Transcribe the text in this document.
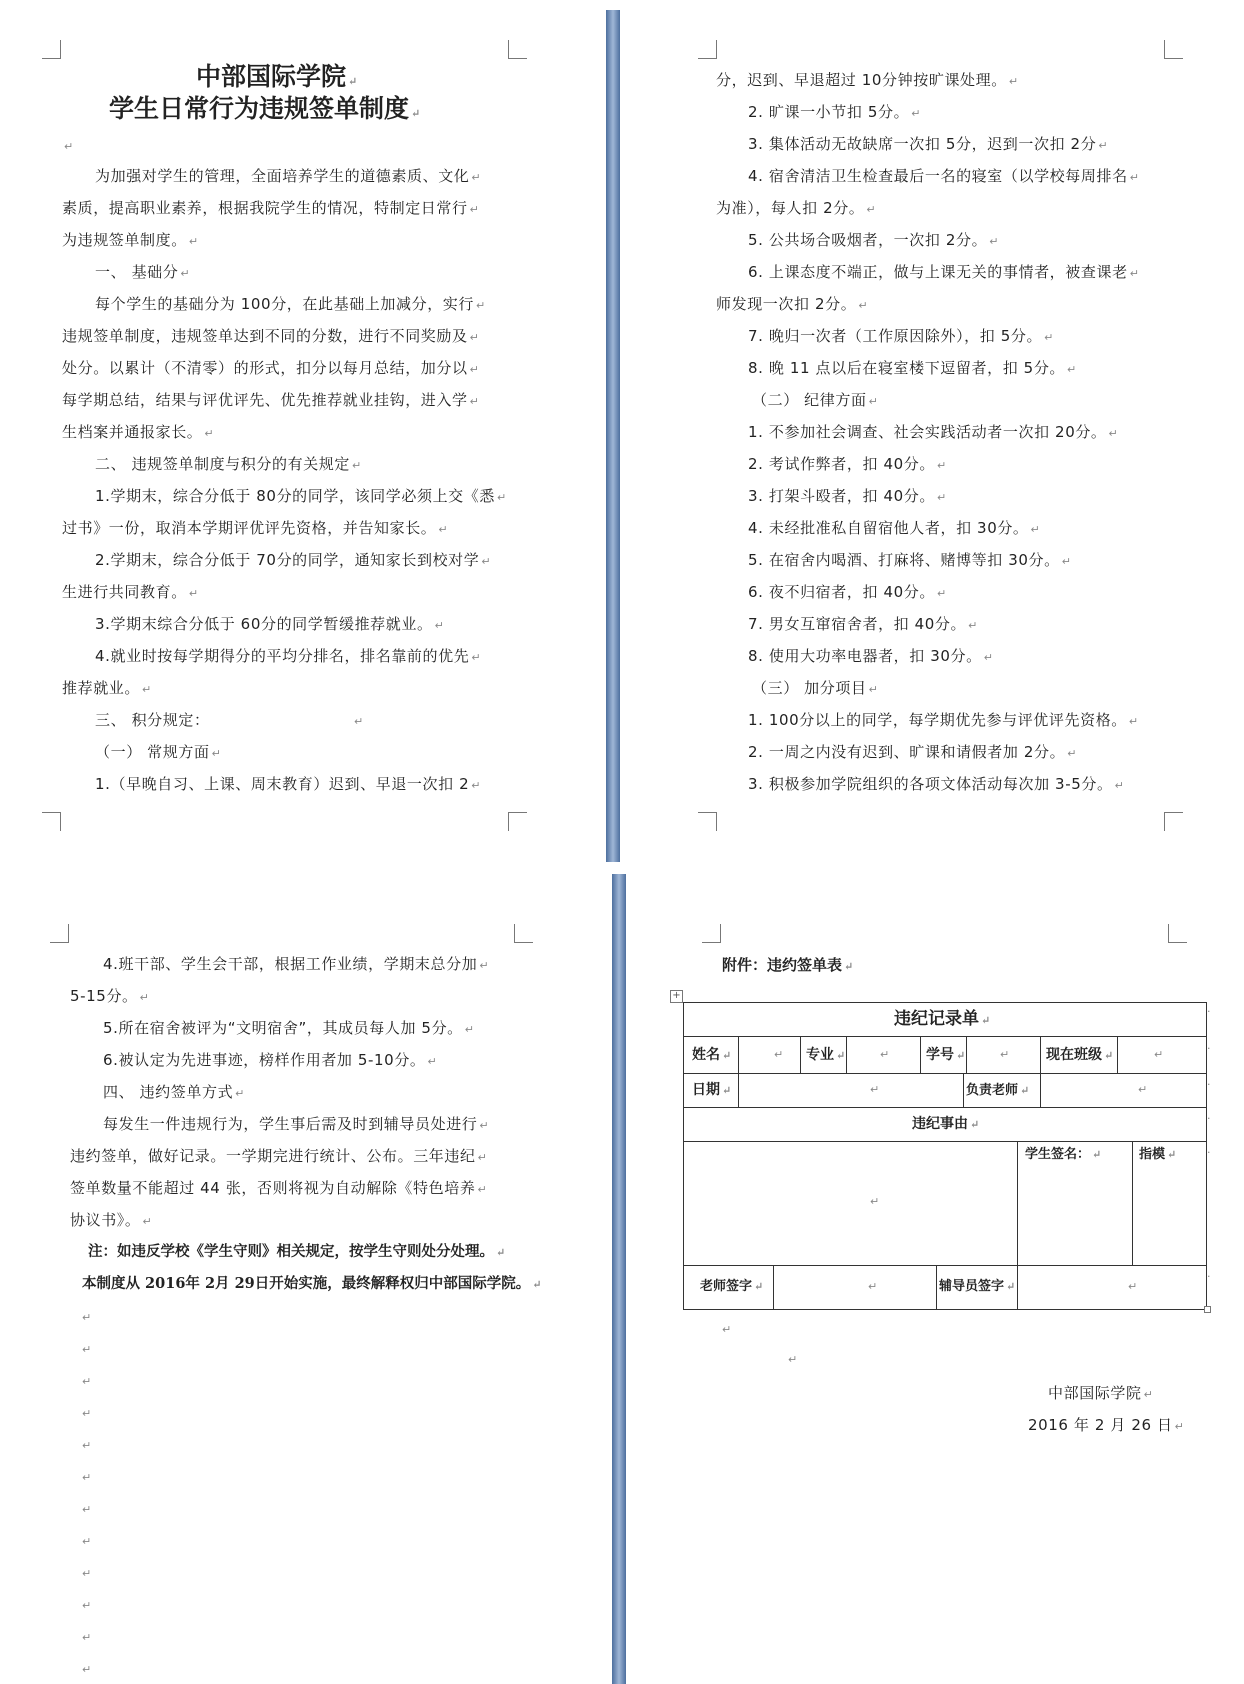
中部国际学院 ↵
学生日常行为违规签单制度 ↵
↵
为加强对学生的管理，全面培养学生的道德素质、文化 ↵
素质，提高职业素养，根据我院学生的情况，特制定日常行 ↵
为违规签单制度。 ↵
一、 基础分 ↵
每个学生的基础分为 100分，在此基础上加减分，实行 ↵
违规签单制度，违规签单达到不同的分数，进行不同奖励及 ↵
处分。以累计（不清零）的形式，扣分以每月总结，加分以 ↵
每学期总结，结果与评优评先、优先推荐就业挂钩，进入学 ↵
生档案并通报家长。 ↵
二、 违规签单制度与积分的有关规定 ↵
1.学期末，综合分低于 80分的同学，该同学必须上交《悉 ↵
过书》一份，取消本学期评优评先资格，并告知家长。 ↵
2.学期末，综合分低于 70分的同学，通知家长到校对学 ↵
生进行共同教育。 ↵
3.学期末综合分低于 60分的同学暂缓推荐就业。 ↵
4.就业时按每学期得分的平均分排名，排名靠前的优先 ↵
推荐就业。 ↵
三、 积分规定：
↵
（一） 常规方面 ↵
1.（早晚自习、上课、周末教育）迟到、早退一次扣 2 ↵
分，迟到、早退超过 10分钟按旷课处理。 ↵
2. 旷课一小节扣 5分。 ↵
3. 集体活动无故缺席一次扣 5分，迟到一次扣 2分 ↵
4. 宿舍清洁卫生检查最后一名的寝室（以学校每周排名 ↵
为准），每人扣 2分。 ↵
5. 公共场合吸烟者，一次扣 2分。 ↵
6. 上课态度不端正，做与上课无关的事情者，被查课老 ↵
师发现一次扣 2分。 ↵
7. 晚归一次者（工作原因除外），扣 5分。 ↵
8. 晚 11 点以后在寝室楼下逗留者，扣 5分。 ↵
（二） 纪律方面 ↵
1. 不参加社会调查、社会实践活动者一次扣 20分。 ↵
2. 考试作弊者，扣 40分。 ↵
3. 打架斗殴者，扣 40分。 ↵
4. 未经批准私自留宿他人者，扣 30分。 ↵
5. 在宿舍内喝酒、打麻将、赌博等扣 30分。 ↵
6. 夜不归宿者，扣 40分。 ↵
7. 男女互窜宿舍者，扣 40分。 ↵
8. 使用大功率电器者，扣 30分。 ↵
（三） 加分项目 ↵
1. 100分以上的同学，每学期优先参与评优评先资格。 ↵
2. 一周之内没有迟到、旷课和请假者加 2分。 ↵
3. 积极参加学院组织的各项文体活动每次加 3-5分。 ↵
4.班干部、学生会干部，根据工作业绩，学期末总分加 ↵
5-15分。 ↵
5.所在宿舍被评为“文明宿舍”，其成员每人加 5分。 ↵
6.被认定为先进事迹，榜样作用者加 5-10分。 ↵
四、 违约签单方式 ↵
每发生一件违规行为，学生事后需及时到辅导员处进行 ↵
违约签单，做好记录。一学期完进行统计、公布。三年违纪 ↵
签单数量不能超过 44 张，否则将视为自动解除《特色培养 ↵
协议书》。 ↵
注：如违反学校《学生守则》相关规定，按学生守则处分处理。 ↵
本制度从 2016年 2月 29日开始实施，最终解释权归中部国际学院。 ↵
↵
↵
↵
↵
↵
↵
↵
↵
↵
↵
↵
↵
附件：违约签单表 ↵
+
违纪记录单 ↵
姓名 ↵	↵ 专业 ↵	↵	学号 ↵	↵	现在班级 ↵	↵
日期 ↵	↵	负责老师 ↵	↵
违纪事由 ↵
↵
学生签名： ↵	指模 ↵
老师签字 ↵	↵	辅导员签字 ↵	↵
·
·
·
·
·
·
↵
↵
中部国际学院 ↵
2016 年 2 月 26 日 ↵
